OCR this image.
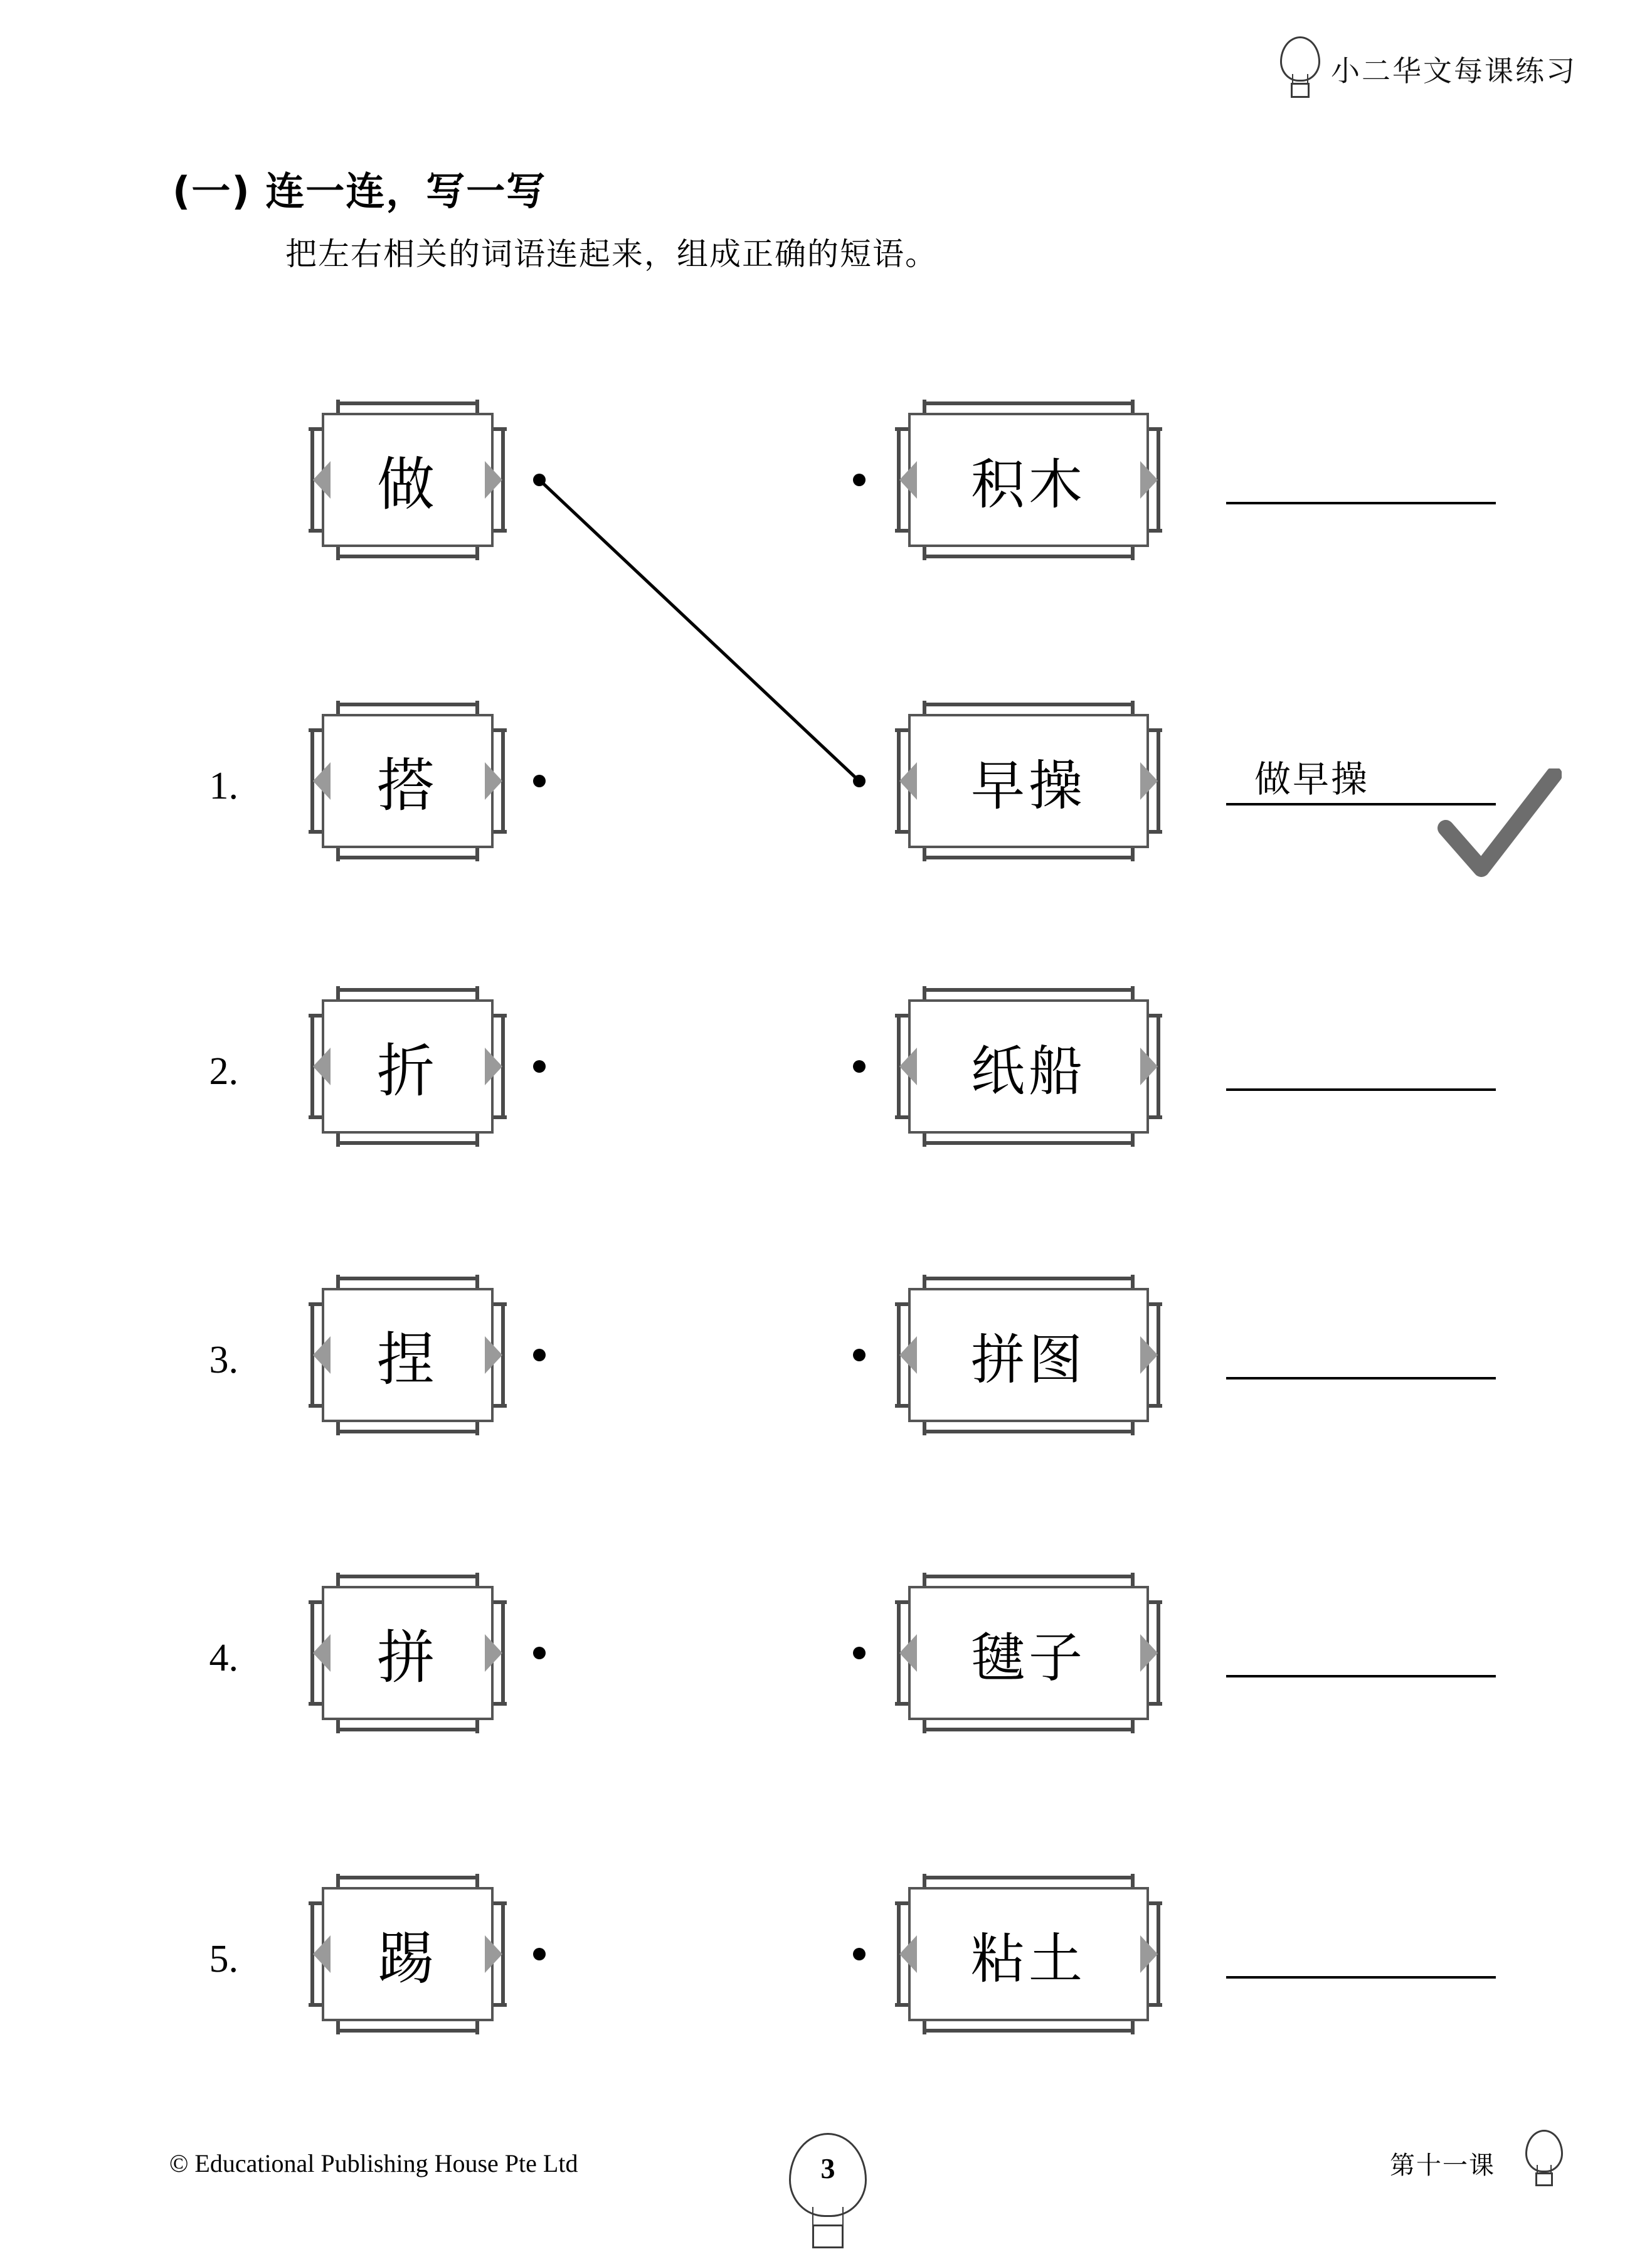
小二华文每课练习
(一) 连一连，写一写
把左右相关的词语连起来，组成正确的短语。
做	积木
1.	搭	早操	做早操
2.	折	纸船
3.	捏	拼图
4.	拼	毽子
5.	踢	粘土
© Educational Publishing House Pte Ltd	3	第十一课
